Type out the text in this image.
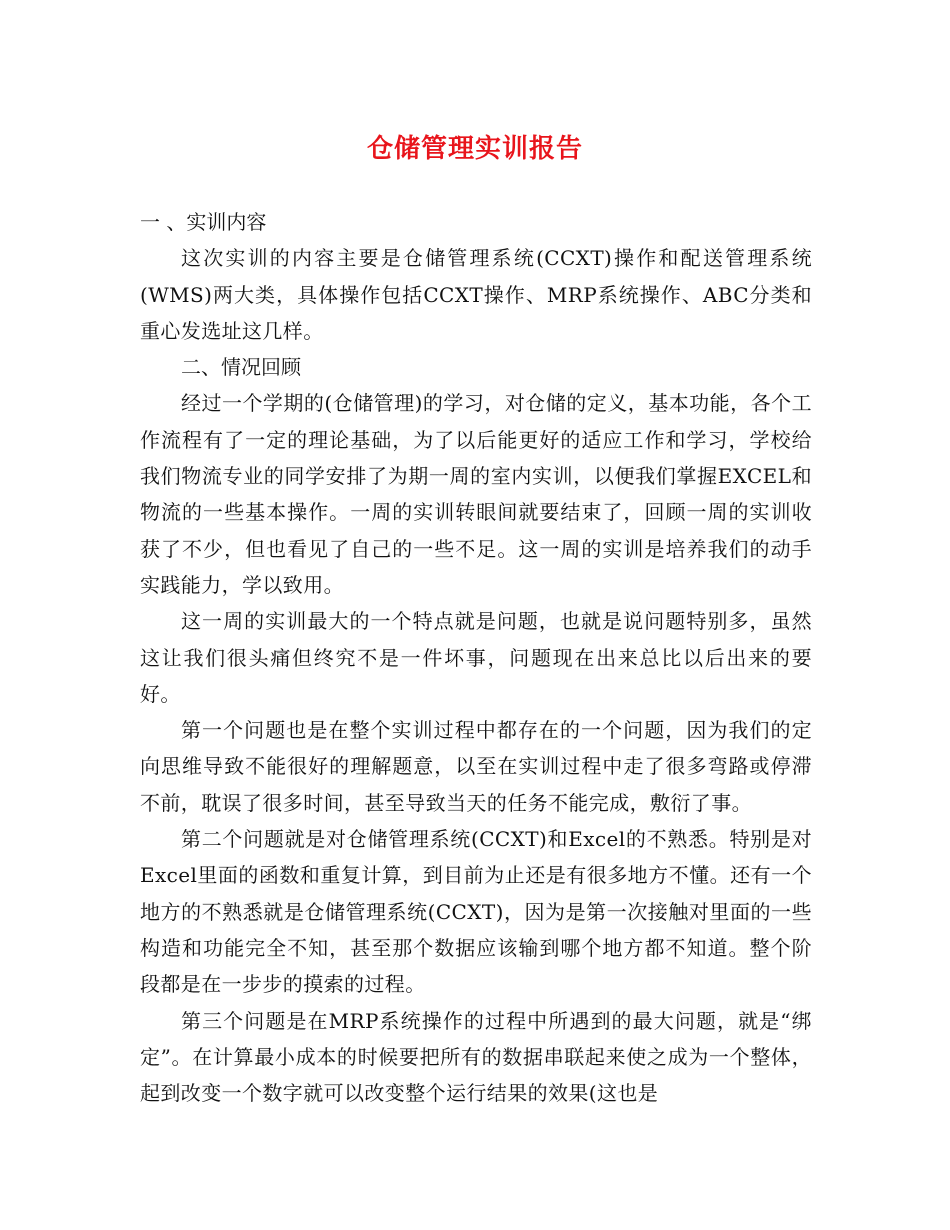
仓储管理实训报告

一 、实训内容

这次实训的内容主要是仓储管理系统(CCXT)操作和配送管理系统(WMS)两大类，具体操作包括CCXT操作、MRP系统操作、ABC分类和重心发选址这几样。

二、情况回顾

经过一个学期的(仓储管理)的学习，对仓储的定义，基本功能，各个工作流程有了一定的理论基础，为了以后能更好的适应工作和学习，学校给我们物流专业的同学安排了为期一周的室内实训，以便我们掌握EXCEL和物流的一些基本操作。一周的实训转眼间就要结束了，回顾一周的实训收获了不少，但也看见了自己的一些不足。这一周的实训是培养我们的动手实践能力，学以致用。

这一周的实训最大的一个特点就是问题，也就是说问题特别多，虽然这让我们很头痛但终究不是一件坏事，问题现在出来总比以后出来的要好。

第一个问题也是在整个实训过程中都存在的一个问题，因为我们的定向思维导致不能很好的理解题意，以至在实训过程中走了很多弯路或停滞不前，耽误了很多时间，甚至导致当天的任务不能完成，敷衍了事。

第二个问题就是对仓储管理系统(CCXT)和Excel的不熟悉。特别是对Excel里面的函数和重复计算，到目前为止还是有很多地方不懂。还有一个地方的不熟悉就是仓储管理系统(CCXT)，因为是第一次接触对里面的一些构造和功能完全不知，甚至那个数据应该输到哪个地方都不知道。整个阶段都是在一步步的摸索的过程。

第三个问题是在MRP系统操作的过程中所遇到的最大问题，就是“绑定”。在计算最小成本的时候要把所有的数据串联起来使之成为一个整体，起到改变一个数字就可以改变整个运行结果的效果(这也是
